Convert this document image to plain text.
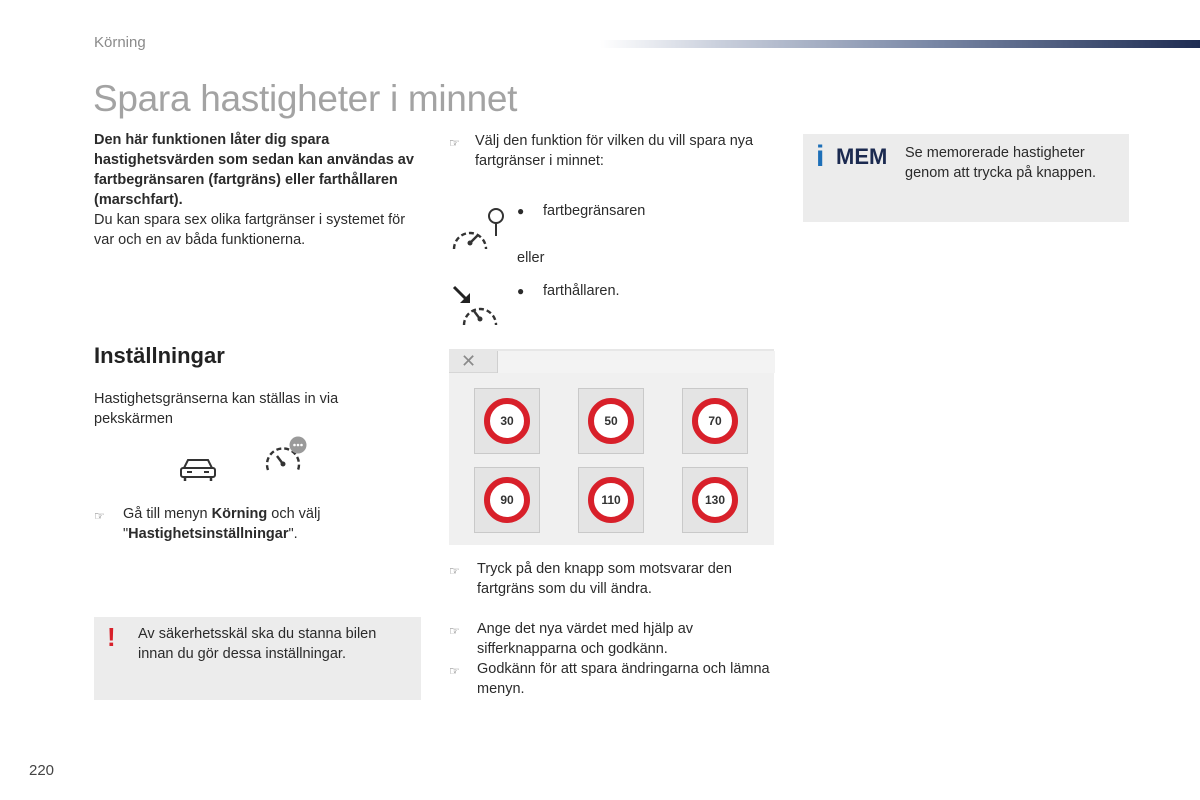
Körning
Spara hastigheter i minnet
Den här funktionen låter dig spara hastighetsvärden som sedan kan användas av fartbegränsaren (fartgräns) eller farthållaren (marschfart).
Du kan spara sex olika fartgränser i systemet för var och en av båda funktionerna.
☞	Välj den funktion för vilken du vill spara nya fartgränser i minnet:
● fartbegränsaren
eller
● farthållaren.
i MEM Se memorerade hastigheter genom att trycka på knappen.
Inställningar
Hastighetsgränserna kan ställas in via pekskärmen
☞	Gå till menyn Körning och välj
"Hastighetsinställningar".
✕
30	50	70
90	110	130
☞	Tryck på den knapp som motsvarar den fartgräns som du vill ändra.
☞	Ange det nya värdet med hjälp av sifferknapparna och godkänn.
☞	Godkänn för att spara ändringarna och lämna menyn.
! Av säkerhetsskäl ska du stanna bilen innan du gör dessa inställningar.
220
